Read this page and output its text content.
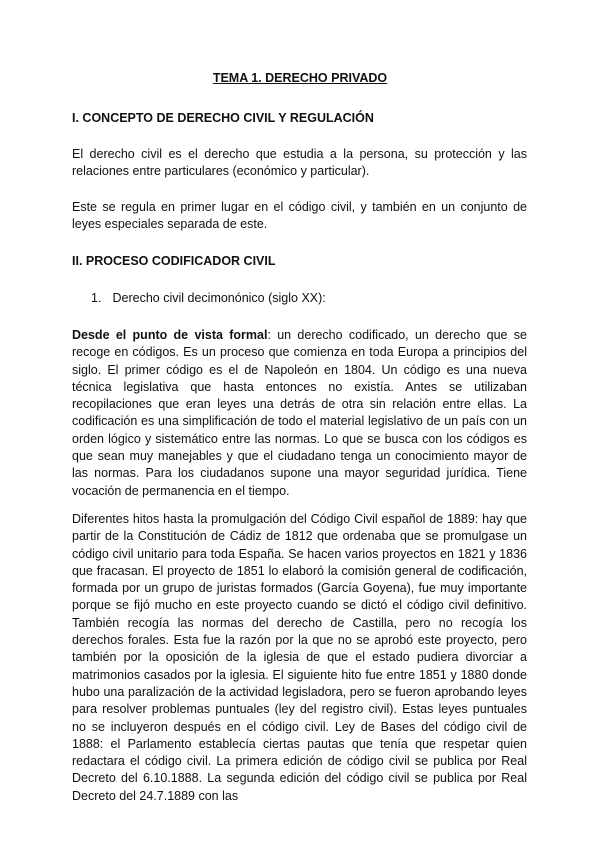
TEMA 1. DERECHO PRIVADO
I. CONCEPTO DE DERECHO CIVIL Y REGULACIÓN

El derecho civil es el derecho que estudia a la persona, su protección y las relaciones entre particulares (económico y particular).

Este se regula en primer lugar en el código civil, y también en un conjunto de leyes especiales separada de este.

II. PROCESO CODIFICADOR CIVIL
1. Derecho civil decimonónico (siglo XX):

Desde el punto de vista formal: un derecho codificado, un derecho que se recoge en códigos. Es un proceso que comienza en toda Europa a principios del siglo. El primer código es el de Napoleón en 1804. Un código es una nueva técnica legislativa que hasta entonces no existía. Antes se utilizaban recopilaciones que eran leyes una detrás de otra sin relación entre ellas. La codificación es una simplificación de todo el material legislativo de un país con un orden lógico y sistemático entre las normas. Lo que se busca con los códigos es que sean muy manejables y que el ciudadano tenga un conocimiento mayor de las normas. Para los ciudadanos supone una mayor seguridad jurídica. Tiene vocación de permanencia en el tiempo.

Diferentes hitos hasta la promulgación del Código Civil español de 1889: hay que partir de la Constitución de Cádiz de 1812 que ordenaba que se promulgase un código civil unitario para toda España. Se hacen varios proyectos en 1821 y 1836 que fracasan. El proyecto de 1851 lo elaboró la comisión general de codificación, formada por un grupo de juristas formados (García Goyena), fue muy importante porque se fijó mucho en este proyecto cuando se dictó el código civil definitivo. También recogía las normas del derecho de Castilla, pero no recogía los derechos forales. Esta fue la razón por la que no se aprobó este proyecto, pero también por la oposición de la iglesia de que el estado pudiera divorciar a matrimonios casados por la iglesia. El siguiente hito fue entre 1851 y 1880 donde hubo una paralización de la actividad legisladora, pero se fueron aprobando leyes para resolver problemas puntuales (ley del registro civil). Estas leyes puntuales no se incluyeron después en el código civil. Ley de Bases del código civil de 1888: el Parlamento establecía ciertas pautas que tenía que respetar quien redactara el código civil. La primera edición de código civil se publica por Real Decreto del 6.10.1888. La segunda edición del código civil se publica por Real Decreto del 24.7.1889 con las
